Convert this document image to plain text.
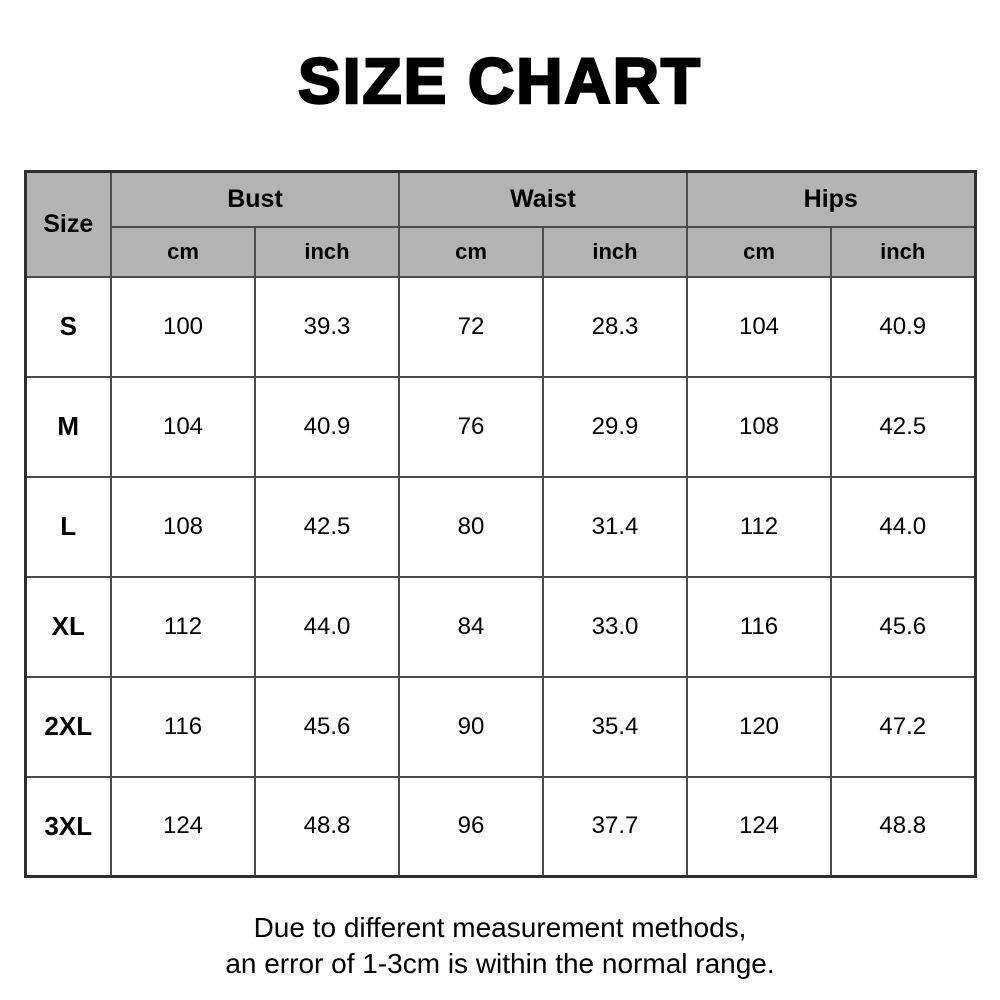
SIZE CHART
Size	Bust		Waist		Hips	
	cm	inch	cm	inch	cm	inch
S	100	39.3	72	28.3	104	40.9
M	104	40.9	76	29.9	108	42.5
L	108	42.5	80	31.4	112	44.0
XL	112	44.0	84	33.0	116	45.6
2XL	116	45.6	90	35.4	120	47.2
3XL	124	48.8	96	37.7	124	48.8
Due to different measurement methods,
an error of 1-3cm is within the normal range.
